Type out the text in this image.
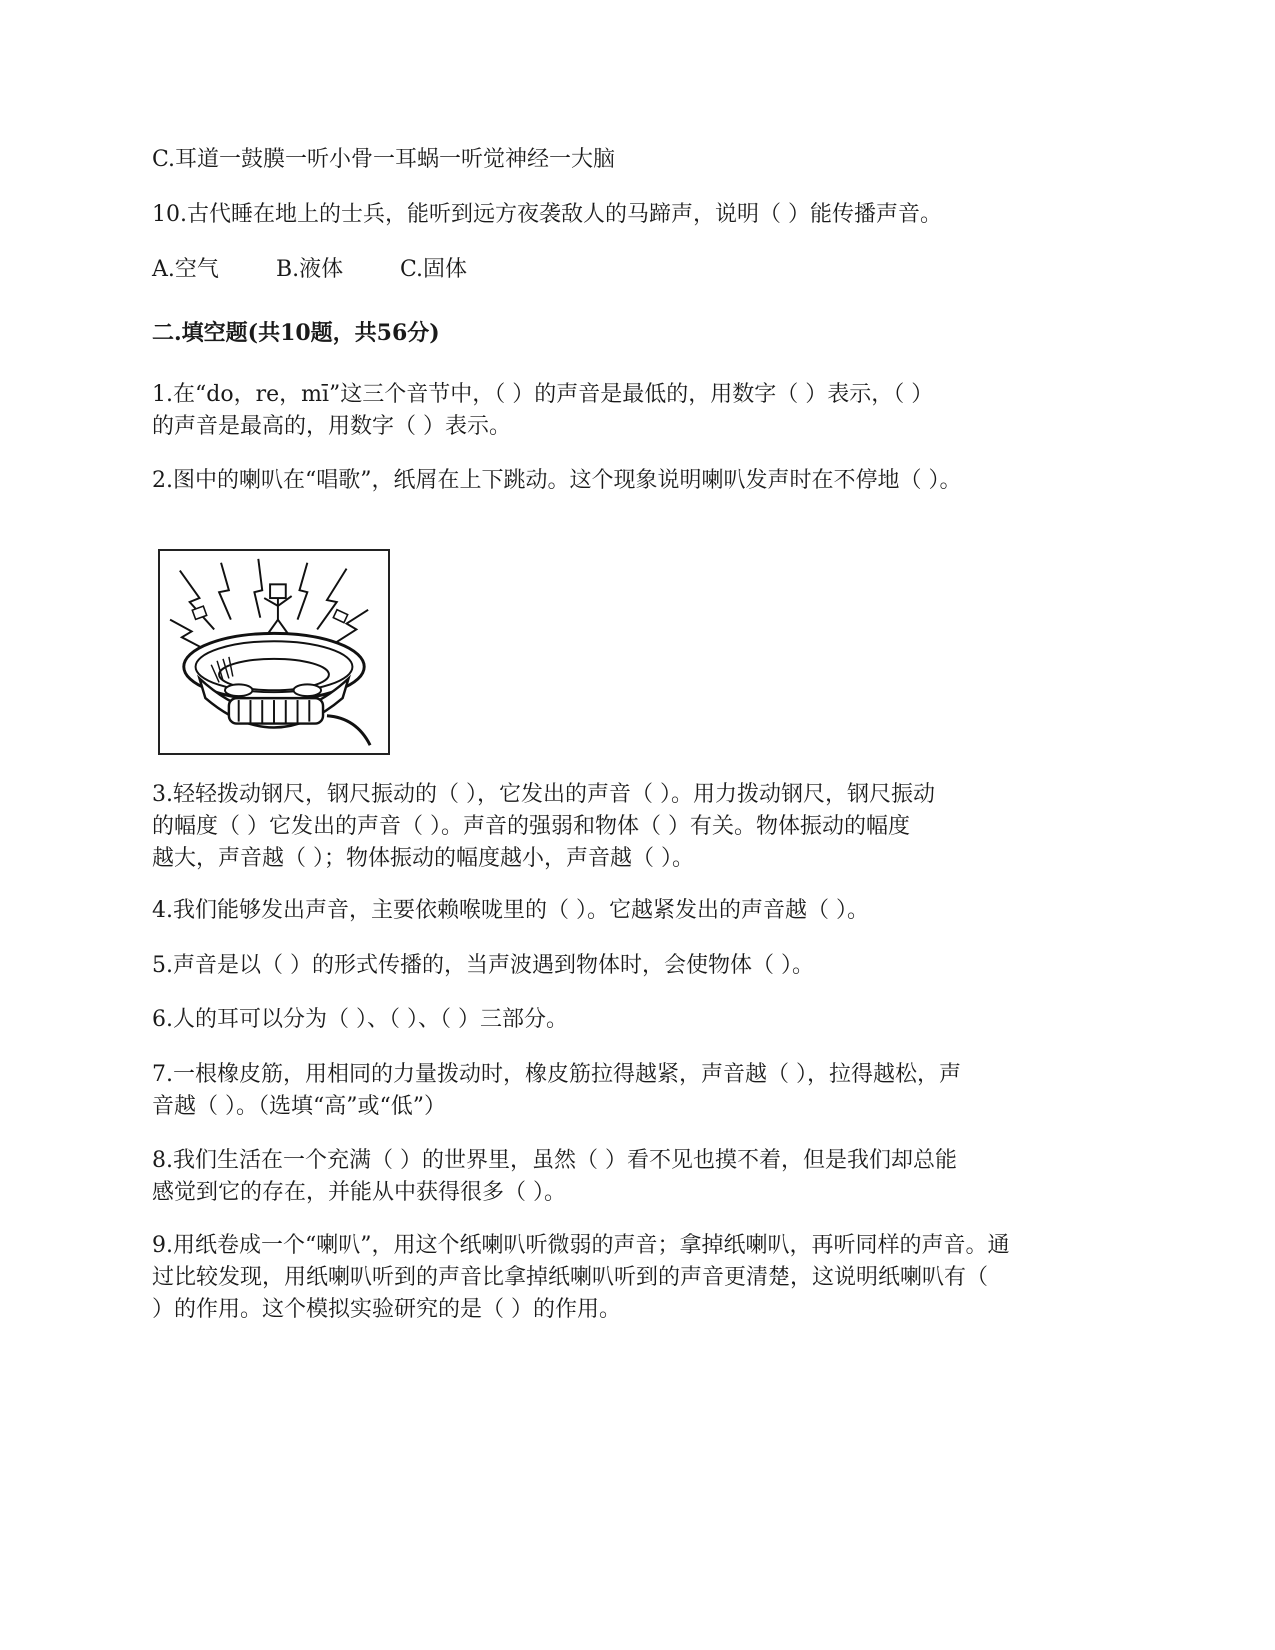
C.耳道一鼓膜一听小骨一耳蜗一听觉神经一大脑
10.古代睡在地上的士兵，能听到远方夜袭敌人的马蹄声，说明（ ）能传播声音。
A.空气	B.液体	C.固体
二.填空题(共10题，共56分)
1.在“do，re，mī”这三个音节中，（ ）的声音是最低的，用数字（ ）表示，（ ）
的声音是最高的，用数字（ ）表示。
2.图中的喇叭在“唱歌”，纸屑在上下跳动。这个现象说明喇叭发声时在不停地（ ）。
3.轻轻拨动钢尺，钢尺振动的（ ），它发出的声音（ ）。用力拨动钢尺，钢尺振动
的幅度（ ）它发出的声音（ ）。声音的强弱和物体（ ）有关。物体振动的幅度
越大，声音越（ ）；物体振动的幅度越小，声音越（ ）。
4.我们能够发出声音，主要依赖喉咙里的（ ）。它越紧发出的声音越（ ）。
5.声音是以（ ）的形式传播的，当声波遇到物体时，会使物体（ ）。
6.人的耳可以分为（ ）、（ ）、（ ）三部分。
7.一根橡皮筋，用相同的力量拨动时，橡皮筋拉得越紧，声音越（ ），拉得越松，声
音越（ ）。（选填“高”或“低”）
8.我们生活在一个充满（ ）的世界里，虽然（ ）看不见也摸不着，但是我们却总能
感觉到它的存在，并能从中获得很多（ ）。
9.用纸卷成一个“喇叭”，用这个纸喇叭听微弱的声音；拿掉纸喇叭，再听同样的声音。通
过比较发现，用纸喇叭听到的声音比拿掉纸喇叭听到的声音更清楚，这说明纸喇叭有（
）的作用。这个模拟实验研究的是（ ）的作用。
